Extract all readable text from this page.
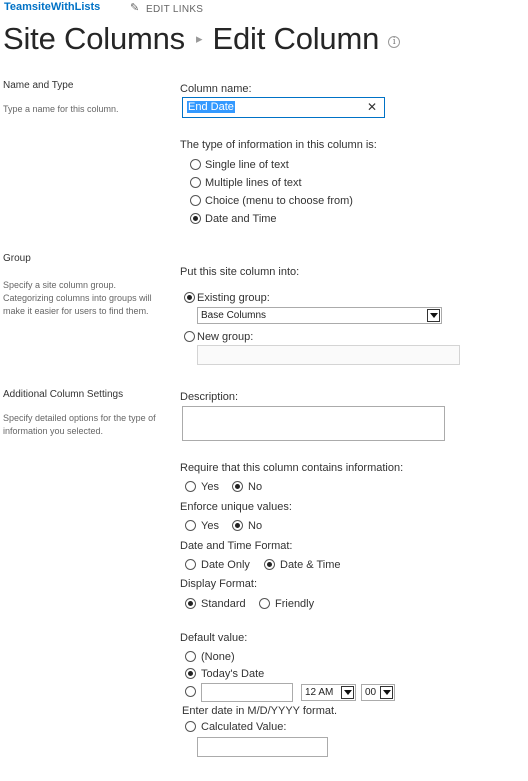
TeamsiteWithLists	✎ EDIT LINKS
Site Columns ▸ Edit Column	i
Name and Type
Type a name for this column.
Column name:
End Date	✕
The type of information in this column is:
Single line of text
Multiple lines of text
Choice (menu to choose from)
Date and Time
Group
Specify a site column group. Categorizing columns into groups will make it easier for users to find them.
Put this site column into:
Existing group:
Base Columns
New group:
Additional Column Settings
Specify detailed options for the type of information you selected.
Description:
Require that this column contains information:
Yes	No
Enforce unique values:
Yes	No
Date and Time Format:
Date Only	Date & Time
Display Format:
Standard	Friendly
Default value:
(None)
Today's Date
12 AM	00
Enter date in M/D/YYYY format.
Calculated Value:
